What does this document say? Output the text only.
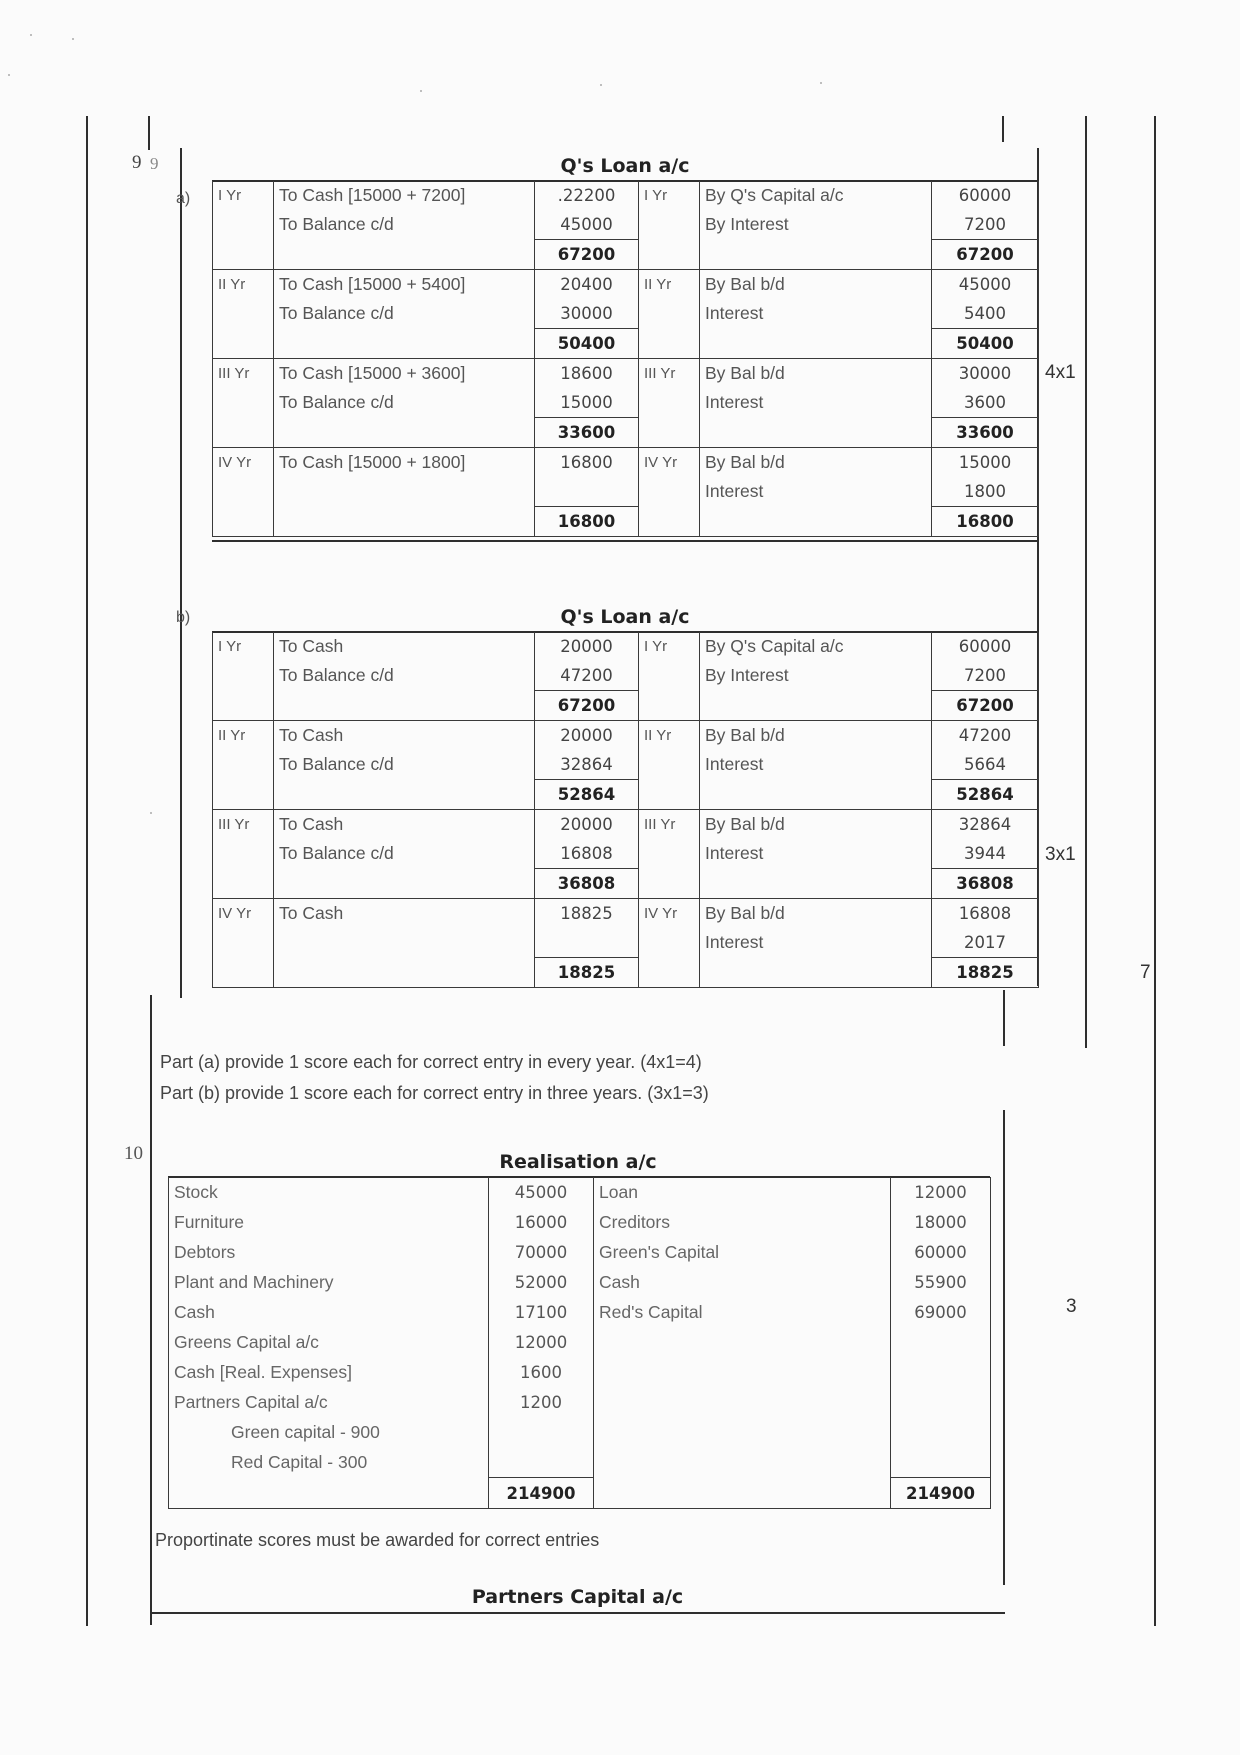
9 9
a)
Q's Loan a/c
I Yr	To Cash [15000 + 7200]	.22200	I Yr	By Q's Capital a/c	60000
	To Balance c/d	45000		By Interest	7200
		67200			67200
II Yr	To Cash [15000 + 5400]	20400	II Yr	By Bal b/d	45000
	To Balance c/d	30000		Interest	5400
		50400			50400
III Yr	To Cash [15000 + 3600]	18600	III Yr	By Bal b/d	30000
	To Balance c/d	15000		Interest	3600
		33600			33600
IV Yr	To Cash [15000 + 1800]	16800	IV Yr	By Bal b/d	15000
				Interest	1800
		16800			16800
4x1
b)	Q's Loan a/c
I Yr	To Cash	20000	I Yr	By Q's Capital a/c	60000
	To Balance c/d	47200		By Interest	7200
		67200			67200
II Yr	To Cash	20000	II Yr	By Bal b/d	47200
	To Balance c/d	32864		Interest	5664
		52864			52864
III Yr	To Cash	20000	III Yr	By Bal b/d	32864
	To Balance c/d	16808		Interest	3944
		36808			36808
IV Yr	To Cash	18825	IV Yr	By Bal b/d	16808
				Interest	2017
		18825			18825
3x1
7
Part (a) provide 1 score each for correct entry in every year. (4x1=4)
Part (b) provide 1 score each for correct entry in three years. (3x1=3)
10	Realisation a/c
Stock	45000	Loan	12000
Furniture	16000	Creditors	18000
Debtors	70000	Green's Capital	60000
Plant and Machinery	52000	Cash	55900
Cash	17100	Red's Capital	69000
Greens Capital a/c	12000		
Cash [Real. Expenses]	1600		
Partners Capital a/c	1200		
Green capital - 900			
Red Capital - 300			
	214900		214900
3
Proportinate scores must be awarded for correct entries
Partners Capital a/c
